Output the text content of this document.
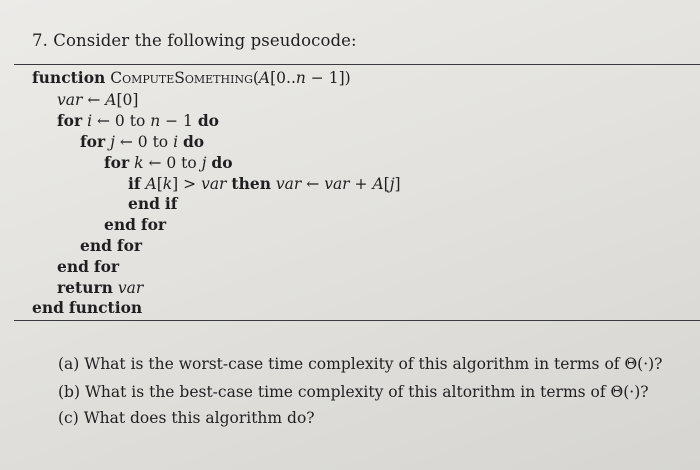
7. Consider the following pseudocode:
function ComputeSomething(A[0..n − 1])
var ← A[0]
for i ← 0 to n − 1 do
for j ← 0 to i do
for k ← 0 to j do
if A[k] > var then var ← var + A[j]
end if
end for
end for
end for
return var
end function
(a) What is the worst-case time complexity of this algorithm in terms of Θ(·)?
(b) What is the best-case time complexity of this altorithm in terms of Θ(·)?
(c) What does this algorithm do?
